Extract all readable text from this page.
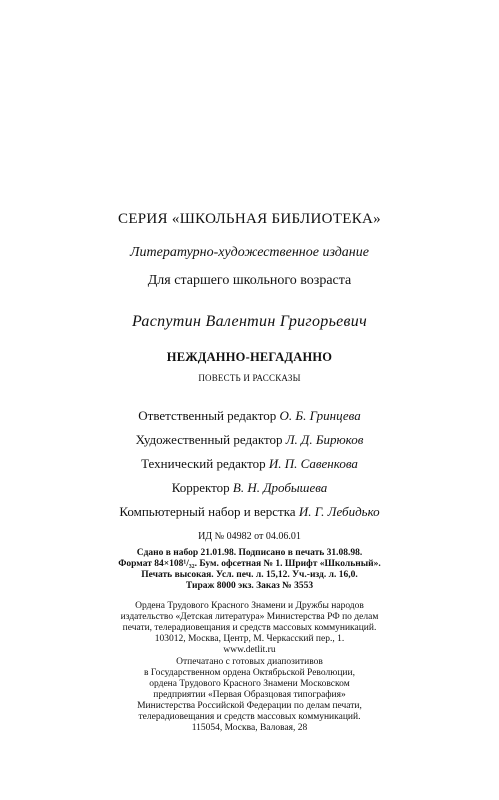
СЕРИЯ «ШКОЛЬНАЯ БИБЛИОТЕКА»
Литературно-художественное издание
Для старшего школьного возраста
Распутин Валентин Григорьевич
НЕЖДАННО-НЕГАДАННО
ПОВЕСТЬ И РАССКАЗЫ
Ответственный редактор О. Б. Гринцева
Художественный редактор Л. Д. Бирюков
Технический редактор И. П. Савенкова
Корректор В. Н. Дробышева
Компьютерный набор и верстка И. Г. Лебидько
ИД № 04982 от 04.06.01
Сдано в набор 21.01.98. Подписано в печать 31.08.98.
Формат 84×108¹/₃₂. Бум. офсетная № 1. Шрифт «Школьный».
Печать высокая. Усл. печ. л. 15,12. Уч.-изд. л. 16,0.
Тираж 8000 экз. Заказ № 3553
Ордена Трудового Красного Знамени и Дружбы народов
издательство «Детская литература» Министерства РФ по делам
печати, телерадиовещания и средств массовых коммуникаций.
103012, Москва, Центр, М. Черкасский пер., 1.
www.detlit.ru
Отпечатано с готовых диапозитивов
в Государственном ордена Октябрьской Революции,
ордена Трудового Красного Знамени Московском
предприятии «Первая Образцовая типография»
Министерства Российской Федерации по делам печати,
телерадиовещания и средств массовых коммуникаций.
115054, Москва, Валовая, 28
